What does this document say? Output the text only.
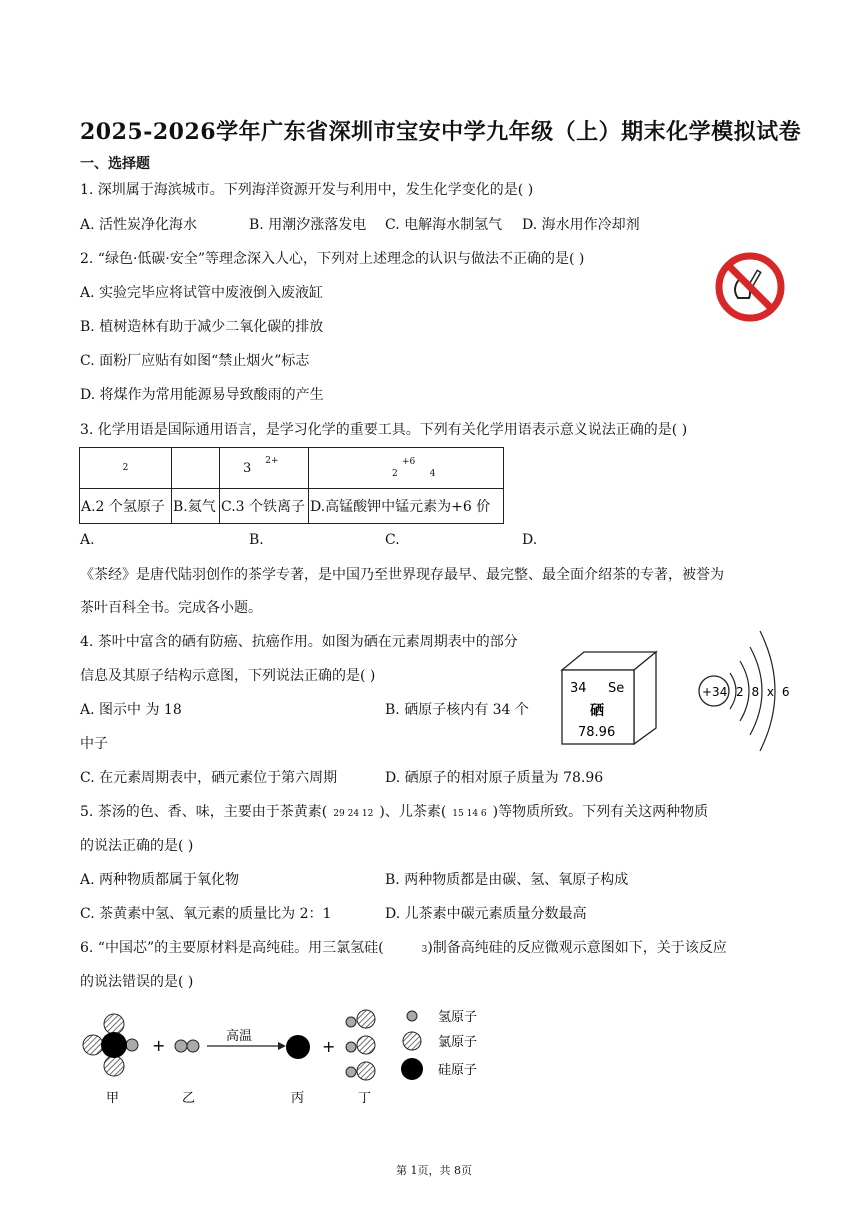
2025-2026学年广东省深圳市宝安中学九年级（上）期末化学模拟试卷
一、选择题
1. 深圳属于海滨城市。下列海洋资源开发与利用中，发生化学变化的是( )
A. 活性炭净化海水	B. 用潮汐涨落发电 C. 电解海水制氢气 D. 海水用作冷却剂
2. “绿色·低碳·安全”等理念深入人心，下列对上述理念的认识与做法不正确的是( )
A. 实验完毕应将试管中废液倒入废液缸
B. 植树造林有助于减少二氧化碳的排放
C. 面粉厂应贴有如图“禁止烟火”标志
D. 将煤作为常用能源易导致酸雨的产生
3. 化学用语是国际通用语言，是学习化学的重要工具。下列有关化学用语表示意义说法正确的是( )
2		3 2+	+6
2 4

A.2 个氢原子	B.氦气	C.3 个铁离子	D.高锰酸钾中锰元素为+6 价
A.	B.	C.	D.
《茶经》是唐代陆羽创作的茶学专著，是中国乃至世界现存最早、最完整、最全面介绍茶的专著，被誉为
茶叶百科全书。完成各小题。
4. 茶叶中富含的硒有防癌、抗癌作用。如图为硒在元素周期表中的部分
信息及其原子结构示意图，下列说法正确的是( )
A. 图示中 为 18	B. 硒原子核内有 34 个
中子
C. 在元素周期表中，硒元素位于第六周期	D. 硒原子的相对原子质量为 78.96
34 Se
硒
78.96
+34 2 8 x 6
5. 茶汤的色、香、味，主要由于茶黄素( 29 24 12 )、儿茶素( 15 14 6 )等物质所致。下列有关这两种物质
的说法正确的是( )
A. 两种物质都属于氧化物	B. 两种物质都是由碳、氢、氧原子构成
C. 茶黄素中氢、氧元素的质量比为 2：1	D. 儿茶素中碳元素质量分数最高
6. “中国芯”的主要原材料是高纯硅。用三氯氢硅(	3)制备高纯硅的反应微观示意图如下，关于该反应
的说法错误的是( )
+	高温
+
甲	乙	丙	丁
氢原子
氯原子
硅原子
第 1页，共 8页
